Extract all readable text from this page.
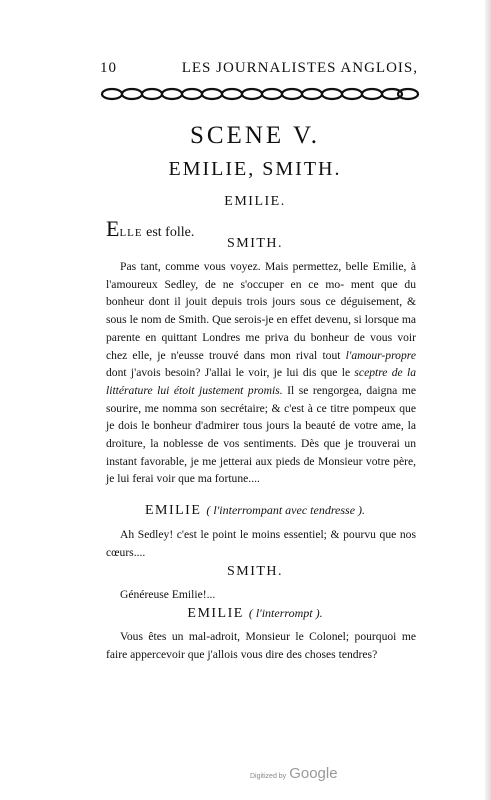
10	LES JOURNALISTES ANGLOIS,
SCENE V.
EMILIE, SMITH.
EMILIE.
ELLE est folle.
SMITH.
Pas tant, comme vous voyez. Mais permettez, belle Emilie, à l'amoureux Sedley, de ne s'occuper en ce mo- ment que du bonheur dont il jouit depuis trois jours sous ce déguisement, & sous le nom de Smith. Que serois-je en effet devenu, si lorsque ma parente en quittant Londres me priva du bonheur de vous voir chez elle, je n'eusse trouvé dans mon rival tout l'amour-propre dont j'avois besoin? J'allai le voir, je lui dis que le sceptre de la littérature lui étoit justement promis. Il se rengorgea, daigna me sourire, me nomma son secrétaire; & c'est à ce titre pompeux que je dois le bonheur d'admirer tous jours la beauté de votre ame, la droiture, la noblesse de vos sentiments. Dès que je trouverai un instant favorable, je me jetterai aux pieds de Monsieur votre père, je lui ferai voir que ma fortune....
EMILIE ( l'interrompant avec tendresse ).
Ah Sedley! c'est le point le moins essentiel; & pourvu que nos cœurs....
SMITH.
Généreuse Emilie!...
EMILIE ( l'interrompt ).
Vous êtes un mal-adroit, Monsieur le Colonel; pourquoi me faire appercevoir que j'allois vous dire des choses tendres?
Digitized by Google
